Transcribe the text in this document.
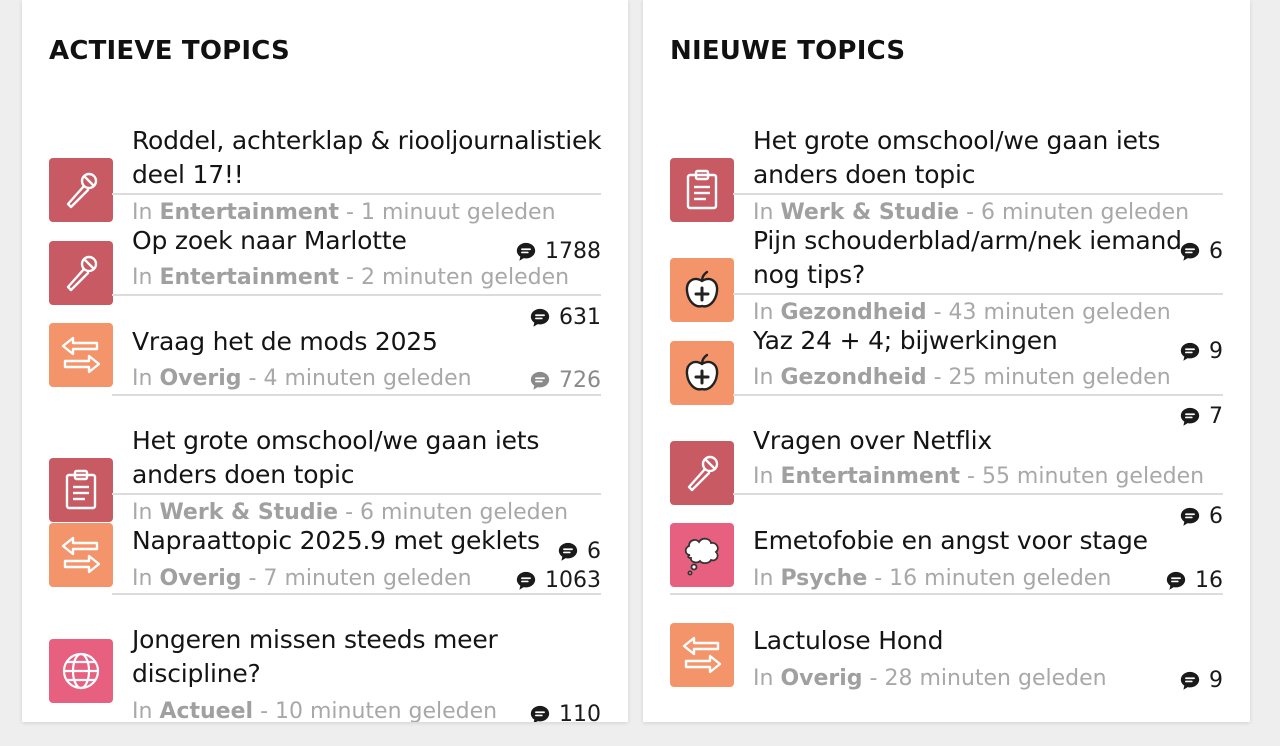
ACTIEVE TOPICS
Roddel, achterklap & riooljournalistiek deel 17!!
In Entertainment - 1 minuut geleden
1788
Op zoek naar Marlotte
In Entertainment - 2 minuten geleden
631
Vraag het de mods 2025
In Overig - 4 minuten geleden	726
Het grote omschool/we gaan iets anders doen topic
In Werk & Studie - 6 minuten geleden
6
Napraattopic 2025.9 met geklets
In Overig - 7 minuten geleden	1063
Jongeren missen steeds meer discipline?
In Actueel - 10 minuten geleden	110
NIEUWE TOPICS
Het grote omschool/we gaan iets anders doen topic
In Werk & Studie - 6 minuten geleden
6
Pijn schouderblad/arm/nek iemand nog tips?
In Gezondheid - 43 minuten geleden
9
Yaz 24 + 4; bijwerkingen
In Gezondheid - 25 minuten geleden
7
Vragen over Netflix
In Entertainment - 55 minuten geleden
6
Emetofobie en angst voor stage
In Psyche - 16 minuten geleden	16
Lactulose Hond
In Overig - 28 minuten geleden	9
